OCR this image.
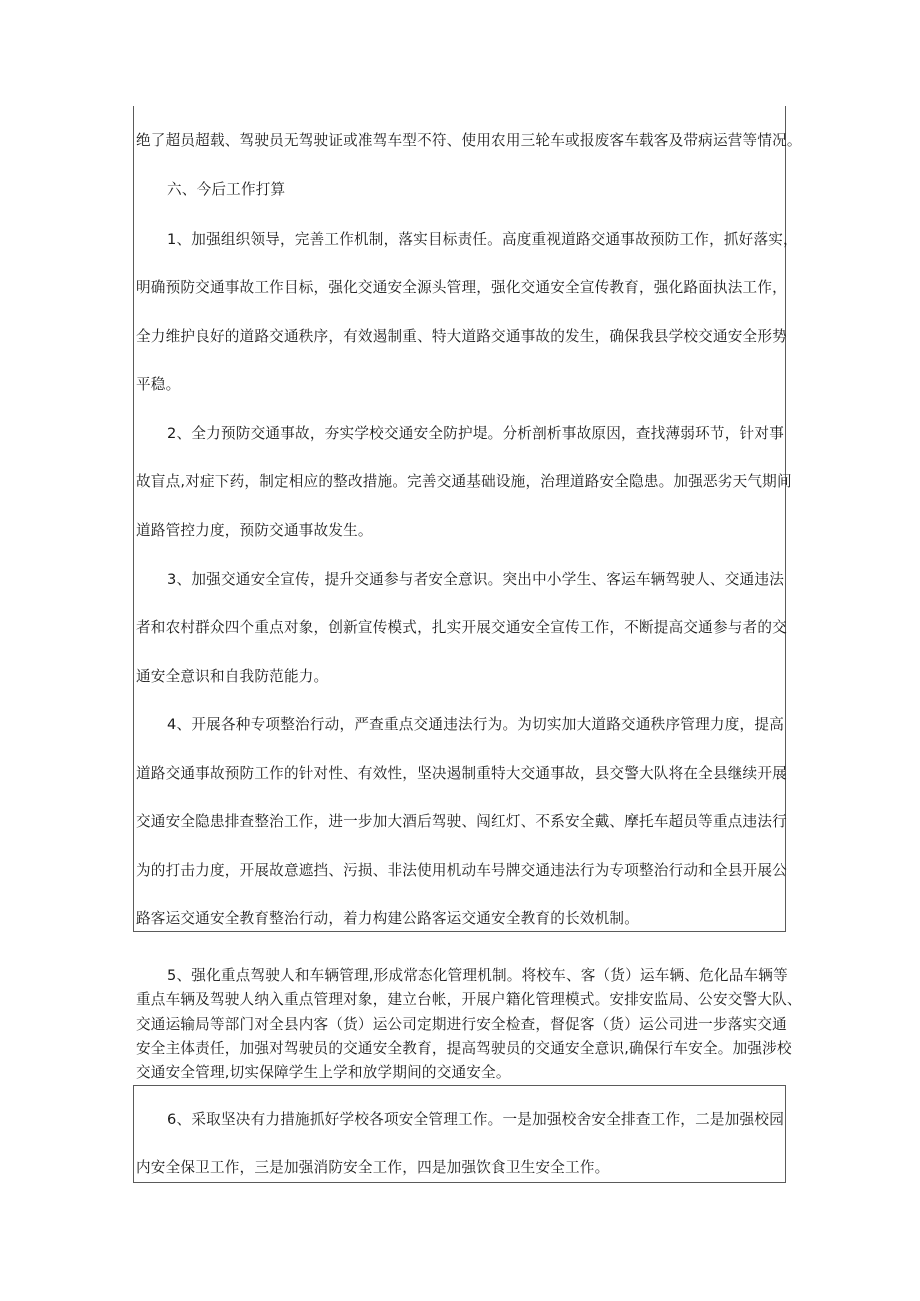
绝了超员超载、驾驶员无驾驶证或准驾车型不符、使用农用三轮车或报废客车载客及带病运营等情况。

六、今后工作打算

1、加强组织领导，完善工作机制，落实目标责任。高度重视道路交通事故预防工作，抓好落实，

明确预防交通事故工作目标，强化交通安全源头管理，强化交通安全宣传教育，强化路面执法工作，

全力维护良好的道路交通秩序，有效遏制重、特大道路交通事故的发生，确保我县学校交通安全形势

平稳。

2、全力预防交通事故，夯实学校交通安全防护堤。分析剖析事故原因，查找薄弱环节，针对事

故盲点,对症下药，制定相应的整改措施。完善交通基础设施，治理道路安全隐患。加强恶劣天气期间

道路管控力度，预防交通事故发生。

3、加强交通安全宣传，提升交通参与者安全意识。突出中小学生、客运车辆驾驶人、交通违法

者和农村群众四个重点对象，创新宣传模式，扎实开展交通安全宣传工作，不断提高交通参与者的交

通安全意识和自我防范能力。

4、开展各种专项整治行动，严查重点交通违法行为。为切实加大道路交通秩序管理力度，提高

道路交通事故预防工作的针对性、有效性，坚决遏制重特大交通事故，县交警大队将在全县继续开展

交通安全隐患排查整治工作，进一步加大酒后驾驶、闯红灯、不系安全戴、摩托车超员等重点违法行

为的打击力度，开展故意遮挡、污损、非法使用机动车号牌交通违法行为专项整治行动和全县开展公

路客运交通安全教育整治行动，着力构建公路客运交通安全教育的长效机制。

5、强化重点驾驶人和车辆管理,形成常态化管理机制。将校车、客（货）运车辆、危化品车辆等

重点车辆及驾驶人纳入重点管理对象，建立台帐，开展户籍化管理模式。安排安监局、公安交警大队、

交通运输局等部门对全县内客（货）运公司定期进行安全检查，督促客（货）运公司进一步落实交通

安全主体责任，加强对驾驶员的交通安全教育，提高驾驶员的交通安全意识,确保行车安全。加强涉校

交通安全管理,切实保障学生上学和放学期间的交通安全。

6、采取坚决有力措施抓好学校各项安全管理工作。一是加强校舍安全排查工作，二是加强校园

内安全保卫工作，三是加强消防安全工作，四是加强饮食卫生安全工作。
